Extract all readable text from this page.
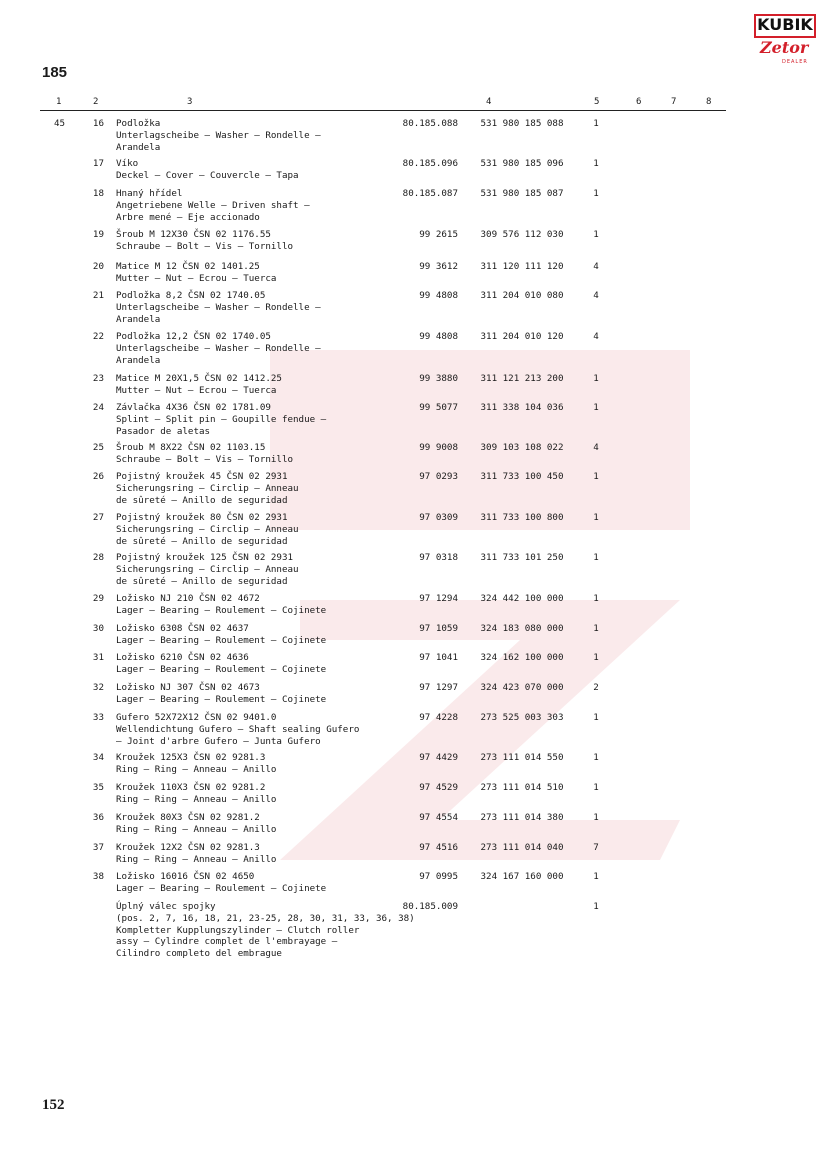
185
KUBIK
Zetor
DEALER
1	2	3	4	5	6	7	8
45	16 Podložka
Unterlagscheibe — Washer — Rondelle —
Arandela
80.185.088	531 980 185 088	1
17 Víko
Deckel — Cover — Couvercle — Tapa
80.185.096	531 980 185 096	1
18 Hnaný hřídel
Angetriebene Welle — Driven shaft —
Arbre mené — Eje accionado
80.185.087	531 980 185 087	1
19 Šroub M 12X30 ČSN 02 1176.55
Schraube — Bolt — Vis — Tornillo
99 2615	309 576 112 030	1
20 Matice M 12 ČSN 02 1401.25
Mutter — Nut — Ecrou — Tuerca
99 3612	311 120 111 120	4
21 Podložka 8,2 ČSN 02 1740.05
Unterlagscheibe — Washer — Rondelle —
Arandela
99 4808	311 204 010 080	4
22 Podložka 12,2 ČSN 02 1740.05
Unterlagscheibe — Washer — Rondelle —
Arandela
99 4808	311 204 010 120	4
23 Matice M 20X1,5 ČSN 02 1412.25
Mutter — Nut — Ecrou — Tuerca
99 3880	311 121 213 200	1
24 Závlačka 4X36 ČSN 02 1781.09
Splint — Split pin — Goupille fendue —
Pasador de aletas
99 5077	311 338 104 036	1
25 Šroub M 8X22 ČSN 02 1103.15
Schraube — Bolt — Vis — Tornillo
99 9008	309 103 108 022	4
26 Pojistný kroužek 45 ČSN 02 2931
Sicherungsring — Circlip — Anneau
de sûreté — Anillo de seguridad
97 0293	311 733 100 450	1
27 Pojistný kroužek 80 ČSN 02 2931
Sicherungsring — Circlip — Anneau
de sûreté — Anillo de seguridad
97 0309	311 733 100 800	1
28 Pojistný kroužek 125 ČSN 02 2931
Sicherungsring — Circlip — Anneau
de sûreté — Anillo de seguridad
97 0318	311 733 101 250	1
29 Ložisko NJ 210 ČSN 02 4672
Lager — Bearing — Roulement — Cojinete
97 1294	324 442 100 000	1
30 Ložisko 6308 ČSN 02 4637
Lager — Bearing — Roulement — Cojinete
97 1059	324 183 080 000	1
31 Ložisko 6210 ČSN 02 4636
Lager — Bearing — Roulement — Cojinete
97 1041	324 162 100 000	1
32 Ložisko NJ 307 ČSN 02 4673
Lager — Bearing — Roulement — Cojinete
97 1297	324 423 070 000	2
33 Gufero 52X72X12 ČSN 02 9401.0
Wellendichtung Gufero — Shaft sealing Gufero
— Joint d'arbre Gufero — Junta Gufero
97 4228	273 525 003 303	1
34 Kroužek 125X3 ČSN 02 9281.3
Ring — Ring — Anneau — Anillo
97 4429	273 111 014 550	1
35 Kroužek 110X3 ČSN 02 9281.2
Ring — Ring — Anneau — Anillo
97 4529	273 111 014 510	1
36 Kroužek 80X3 ČSN 02 9281.2
Ring — Ring — Anneau — Anillo
97 4554	273 111 014 380	1
37 Kroužek 12X2 ČSN 02 9281.3
Ring — Ring — Anneau — Anillo
97 4516	273 111 014 040	7
38 Ložisko 16016 ČSN 02 4650
Lager — Bearing — Roulement — Cojinete
97 0995	324 167 160 000	1
Úplný válec spojky
(pos. 2, 7, 16, 18, 21, 23-25, 28, 30, 31, 33, 36, 38)
Kompletter Kupplungszylinder — Clutch roller
assy — Cylindre complet de l'embrayage —
Cilindro completo del embrague
80.185.009	1
152
